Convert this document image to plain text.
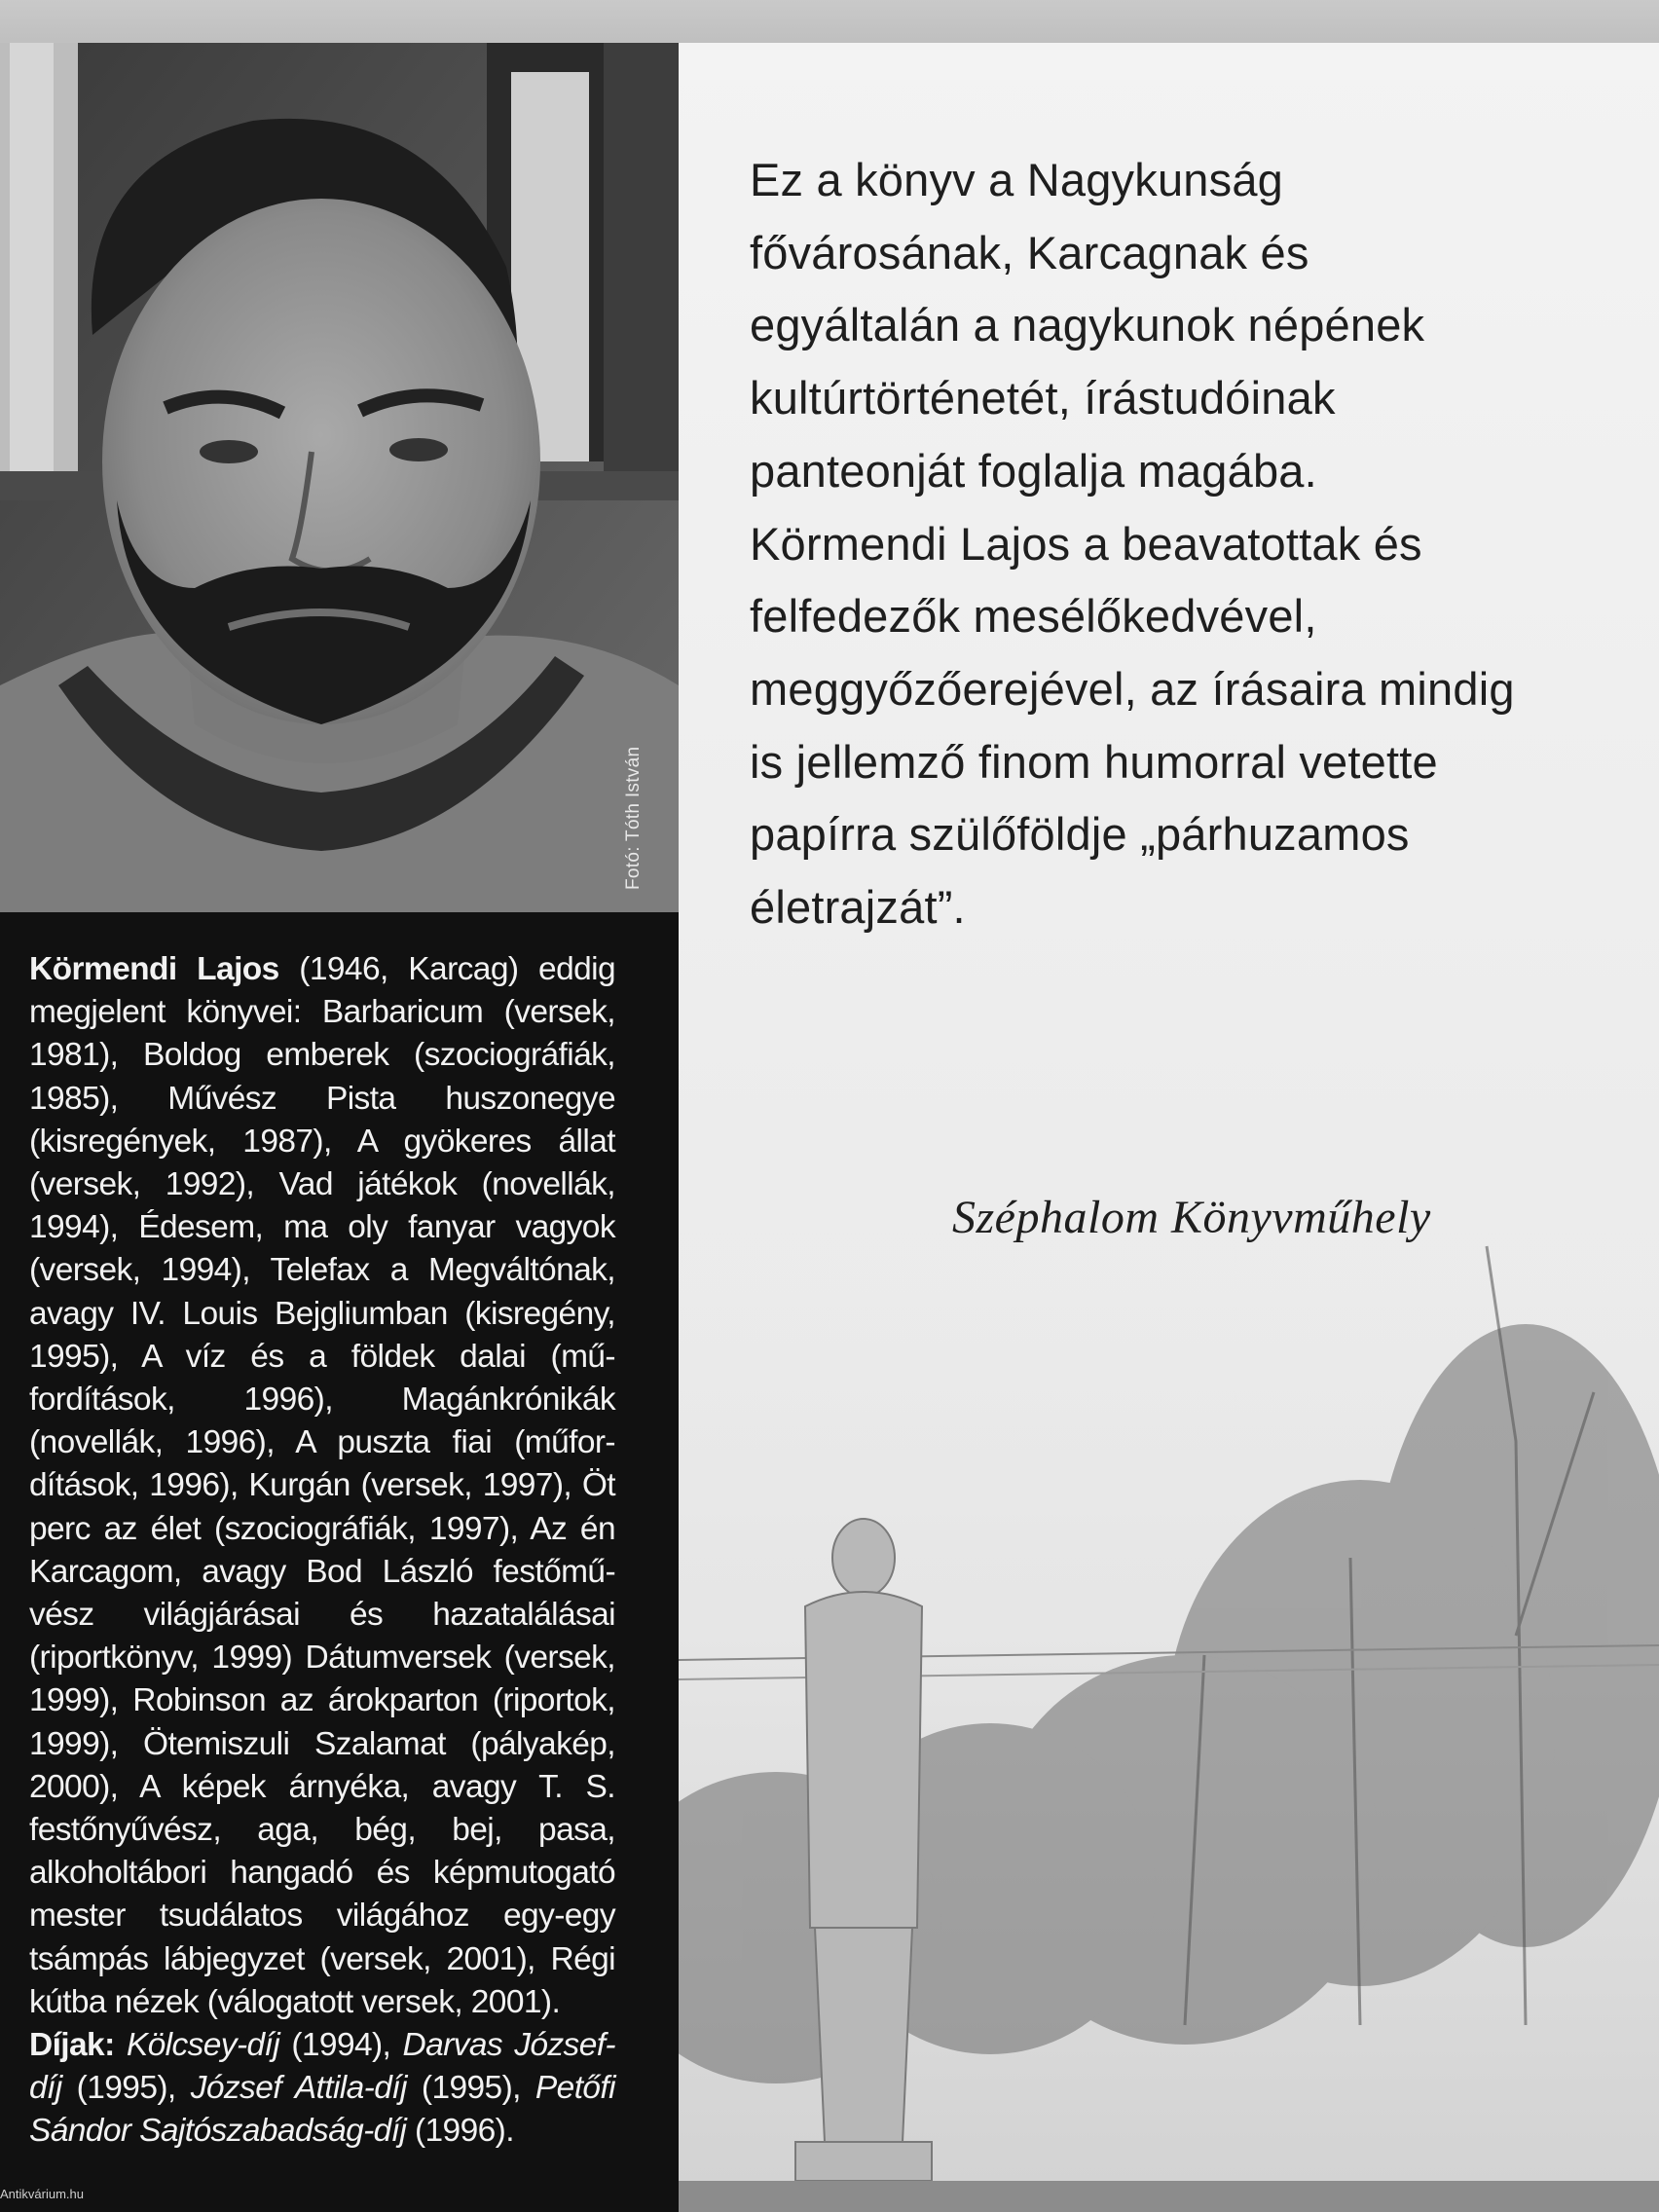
Fotó: Tóth István
Körmendi Lajos (1946, Karcag) eddig megjelent könyvei: Barbaricum (versek, 1981), Boldog emberek (szociográfiák, 1985), Művész Pista huszonegye (kisregények, 1987), A gyökeres állat (versek, 1992), Vad játékok (novellák, 1994), Édesem, ma oly fanyar vagyok (versek, 1994), Telefax a Megváltónak, avagy IV. Louis Bejgliumban (kisregény, 1995), A víz és a földek dalai (mű-fordítások, 1996), Magánkrónikák (novellák, 1996), A puszta fiai (műfor-dítások, 1996), Kurgán (versek, 1997), Öt perc az élet (szociográfiák, 1997), Az én Karcagom, avagy Bod László festőmű-vész világjárásai és hazatalálásai (riportkönyv, 1999) Dátumversek (versek, 1999), Robinson az árokparton (riportok, 1999), Ötemiszuli Szalamat (pályakép, 2000), A képek árnyéka, avagy T. S. festőnyűvész, aga, bég, bej, pasa, alkoholtábori hangadó és képmutogató mester tsudálatos világához egy-egy tsámpás lábjegyzet (versek, 2001), Régi kútba nézek (válogatott versek, 2001).
Díjak: Kölcsey-díj (1994), Darvas József-díj (1995), József Attila-díj (1995), Petőfi Sándor Sajtószabadság-díj (1996).
Antikvárium.hu
Ez a könyv a Nagykunság
fővárosának, Karcagnak és
egyáltalán a nagykunok népének
kultúrtörténetét, írástudóinak
panteonját foglalja magába.
Körmendi Lajos a beavatottak és
felfedezők mesélőkedvével,
meggyőzőerejével, az írásaira mindig
is jellemző finom humorral vetette
papírra szülőföldje „párhuzamos
életrajzát”.
Széphalom Könyvműhely
